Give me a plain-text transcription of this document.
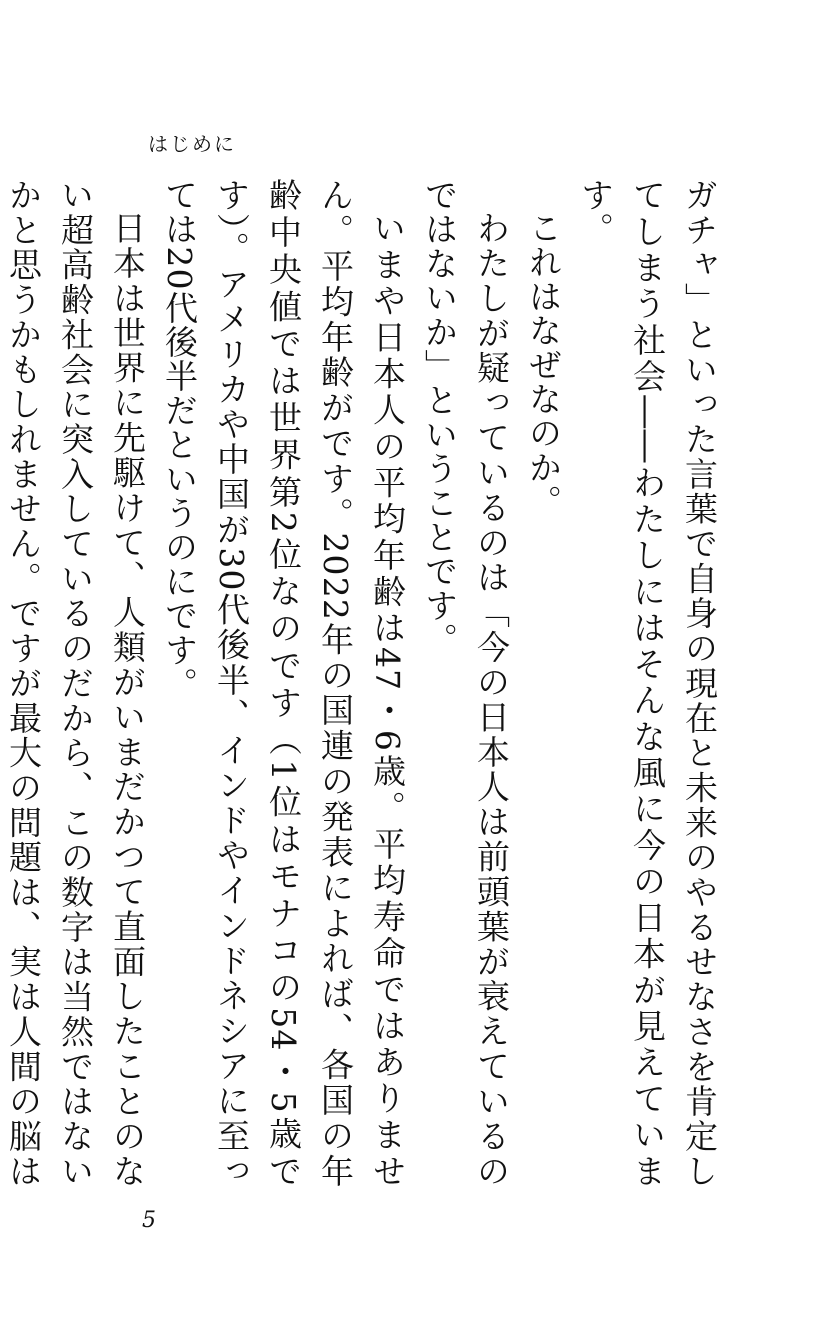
はじめに

ガチャ」といった言葉で自身の現在と未来のやるせなさを肯定してしまう社会――わたしにはそんな風に今の日本が見えています。

これはなぜなのか。

わたしが疑っているのは「今の日本人は前頭葉が衰えているのではないか」ということです。

いまや日本人の平均年齢は47・6歳。平均寿命ではありません。平均年齢がです。2022年の国連の発表によれば、各国の年齢中央値では世界第2位なのです（1位はモナコの54・5歳です）。アメリカや中国が30代後半、インドやインドネシアに至っては20代後半だというのにです。

日本は世界に先駆けて、人類がいまだかつて直面したことのない超高齢社会に突入しているのだから、この数字は当然ではないかと思うかもしれません。ですが最大の問題は、実は人間の脳は

5
